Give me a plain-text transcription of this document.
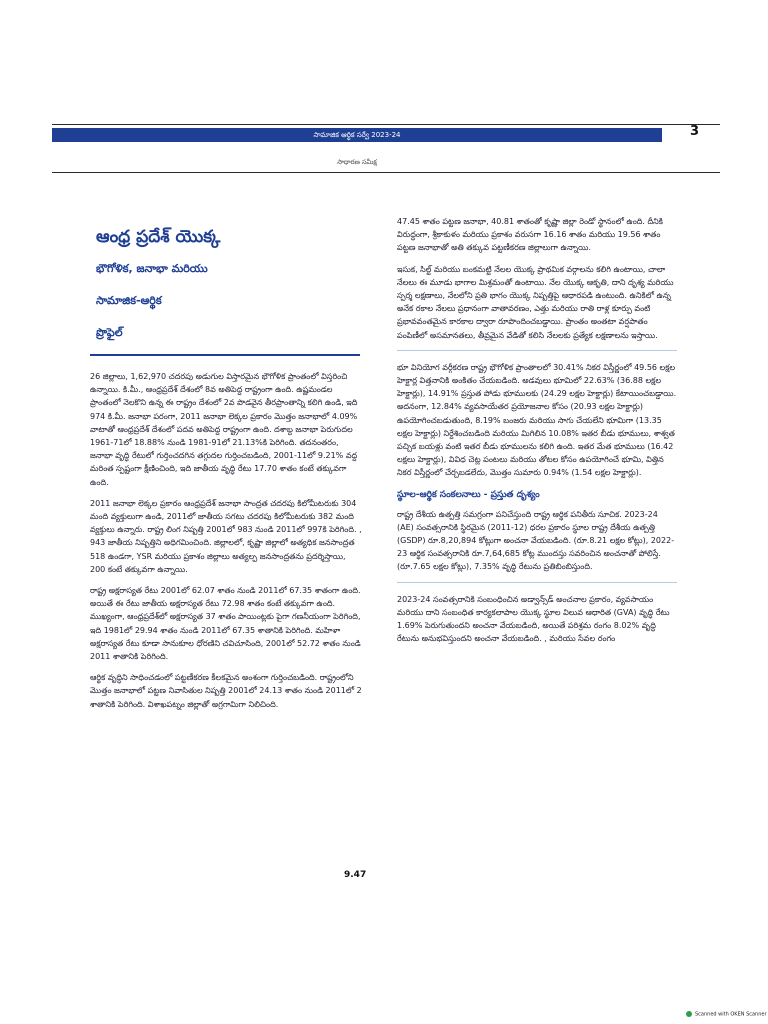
సామాజిక ఆర్థిక సర్వే 2023-24	3
సాధారణ సమీక్ష
ఆంధ్ర ప్రదేశ్ యొక్క
భౌగోళిక, జనాభా మరియు
సామాజిక-ఆర్థిక
ప్రొఫైల్

26 జిల్లాలు, 1,62,970 చదరపు అడుగుల విస్తారమైన భౌగోళిక ప్రాంతంలో విస్తరించి ఉన్నాయి. కి.మీ., ఆంధ్రప్రదేశ్ దేశంలో 8వ అతిపెద్ద రాష్ట్రంగా ఉంది. ఉష్ణమండల ప్రాంతంలో నెలకొని ఉన్న ఈ రాష్ట్రం దేశంలో 2వ పొడవైన తీరప్రాంతాన్ని కలిగి ఉండి, ఇది 974 కి.మీ. జనాభా పరంగా, 2011 జనాభా లెక్కల ప్రకారం మొత్తం జనాభాలో 4.09% వాటాతో ఆంధ్రప్రదేశ్ దేశంలో పదవ అతిపెద్ద రాష్ట్రంగా ఉంది. దశాబ్ద జనాభా పెరుగుదల 1961-71లో 18.88% నుండి 1981-91లో 21.13%కి పెరిగింది. తదనంతరం, జనాభా వృద్ధి రేటులో గుర్తించదగిన తగ్గుదల గుర్తించబడింది, 2001-11లో 9.21% వద్ద మరింత స్పష్టంగా క్షీణించింది, ఇది జాతీయ వృద్ధి రేటు 17.70 శాతం కంటే తక్కువగా ఉంది.

2011 జనాభా లెక్కల ప్రకారం ఆంధ్రప్రదేశ్ జనాభా సాంద్రత చదరపు కిలోమీటరుకు 304 మంది వ్యక్తులుగా ఉండి, 2011లో జాతీయ సగటు చదరపు కిలోమీటరుకు 382 మంది వ్యక్తులు ఉన్నారు. రాష్ట్ర లింగ నిష్పత్తి 2001లో 983 నుండి 2011లో 997కి పెరిగింది. , 943 జాతీయ నిష్పత్తిని అధిగమించింది. జిల్లాలలో, కృష్ణా జిల్లాలో అత్యధిక జనసాంద్రత 518 ఉండగా, YSR మరియు ప్రకాశం జిల్లాలు అత్యల్ప జనసాంద్రతను ప్రదర్శిస్తాయి, 200 కంటే తక్కువగా ఉన్నాయి.

రాష్ట్ర అక్షరాస్యత రేటు 2001లో 62.07 శాతం నుండి 2011లో 67.35 శాతంగా ఉంది. అయితే ఈ రేటు జాతీయ అక్షరాస్యత రేటు 72.98 శాతం కంటే తక్కువగా ఉంది. ముఖ్యంగా, ఆంధ్రప్రదేశ్‌లో అక్షరాస్యత 37 శాతం పాయింట్లకు పైగా గణనీయంగా పెరిగింది, ఇది 1981లో 29.94 శాతం నుండి 2011లో 67.35 శాతానికి పెరిగింది. మహిళా అక్షరాస్యత రేటు కూడా సానుకూల ధోరణిని చవిచూసింది, 2001లో 52.72 శాతం నుండి 2011 శాతానికి పెరిగింది.

ఆర్థిక వృద్ధిని సాధించడంలో పట్టణీకరణ కీలకమైన అంశంగా గుర్తించబడింది. రాష్ట్రంలోని మొత్తం జనాభాలో పట్టణ నివాసితుల నిష్పత్తి 2001లో 24.13 శాతం నుండి 2011లో 2 శాతానికి పెరిగింది. విశాఖపట్నం జిల్లాతో అగ్రగామిగా నిలిచింది.

9.47

47.45 శాతం పట్టణ జనాభా, 40.81 శాతంతో కృష్ణా జిల్లా రెండో స్థానంలో ఉంది. దీనికి విరుద్ధంగా, శ్రీకాకుళం మరియు ప్రకాశం వరుసగా 16.16 శాతం మరియు 19.56 శాతం పట్టణ జనాభాతో అతి తక్కువ పట్టణీకరణ జిల్లాలుగా ఉన్నాయి.

ఇసుక, సిల్ట్ మరియు బంకమట్టి నేలల యొక్క ప్రాథమిక వర్గాలను కలిగి ఉంటాయి, చాలా నేలలు ఈ మూడు భాగాల మిశ్రమంతో ఉంటాయి. నేల యొక్క ఆకృతి, దాని దృశ్య మరియు స్పర్శ లక్షణాలు, నేలలోని ప్రతి భాగం యొక్క నిష్పత్తిపై ఆధారపడి ఉంటుంది. ఉనికిలో ఉన్న అనేక రకాల నేలలు ప్రధానంగా వాతావరణం, ఎత్తు మరియు రాతి రాళ్ల కూర్పు వంటి ప్రభావవంతమైన కారకాల ద్వారా రూపొందించబడ్డాయి. ప్రాంతం అంతటా వర్షపాతం పంపిణీలో అసమానతలు, తీవ్రమైన వేడితో కలిసి నేలలకు ప్రత్యేక లక్షణాలను ఇస్తాయి.

భూ వినియోగ వర్గీకరణ రాష్ట్ర భౌగోళిక ప్రాంతాలలో 30.41% నికర విస్తీర్ణంలో 49.56 లక్షల హెక్టార్ల విత్తనానికి అంకితం చేయబడింది. అడవులు భూమిలో 22.63% (36.88 లక్షల హెక్టార్లు), 14.91% ప్రస్తుత పోడు భూములకు (24.29 లక్షల హెక్టార్లు) కేటాయించబడ్డాయి. అదనంగా, 12.84% వ్యవసాయేతర ప్రయోజనాల కోసం (20.93 లక్షల హెక్టార్లు) ఉపయోగించబడుతుంది, 8.19% బంజరు మరియు సాగు చేయలేని భూమిగా (13.35 లక్షల హెక్టార్లు) నిర్దేశించబడింది మరియు మిగిలిన 10.08% ఇతర బీడు భూములు, శాశ్వత పచ్చిక బయళ్లు వంటి ఇతర బీడు భూములను కలిగి ఉంది. ఇతర మేత భూములు (16.42 లక్షలు హెక్టార్లు), వివిధ చెట్ల పంటలు మరియు తోటల కోసం ఉపయోగించే భూమి, విత్తిన నికర విస్తీర్ణంలో చేర్చబడలేదు, మొత్తం సుమారు 0.94% (1.54 లక్షల హెక్టార్లు).

స్థూల-ఆర్థిక సంకలనాలు - ప్రస్తుత దృశ్యం

రాష్ట్ర దేశీయ ఉత్పత్తి సమగ్రంగా పనిచేస్తుంది రాష్ట్ర ఆర్థిక పనితీరు సూచిక. 2023-24 (AE) సంవత్సరానికి స్థిరమైన (2011-12) ధరల ప్రకారం స్థూల రాష్ట్ర దేశీయ ఉత్పత్తి (GSDP) రూ.8,20,894 కోట్లుగా అంచనా వేయబడింది. (రూ.8.21 లక్షల కోట్లు), 2022-23 ఆర్థిక సంవత్సరానికి రూ.7,64,685 కోట్ల ముందస్తు సవరించిన అంచనాతో పోలిస్తే. (రూ.7.65 లక్షల కోట్లు), 7.35% వృద్ధి రేటును ప్రతిబింబిస్తుంది.

2023-24 సంవత్సరానికి సంబంధించిన అడ్వాన్స్‌డ్ అంచనాల ప్రకారం, వ్యవసాయం మరియు దాని సంబంధిత కార్యకలాపాల యొక్క స్థూల విలువ ఆధారిత (GVA) వృద్ధి రేటు 1.69% పెరుగుతుందని అంచనా వేయబడింది, అయితే పరిశ్రమ రంగం 8.02% వృద్ధి రేటును అనుభవిస్తుందని అంచనా వేయబడింది. , మరియు సేవల రంగం

Scanned with OKEN Scanner
